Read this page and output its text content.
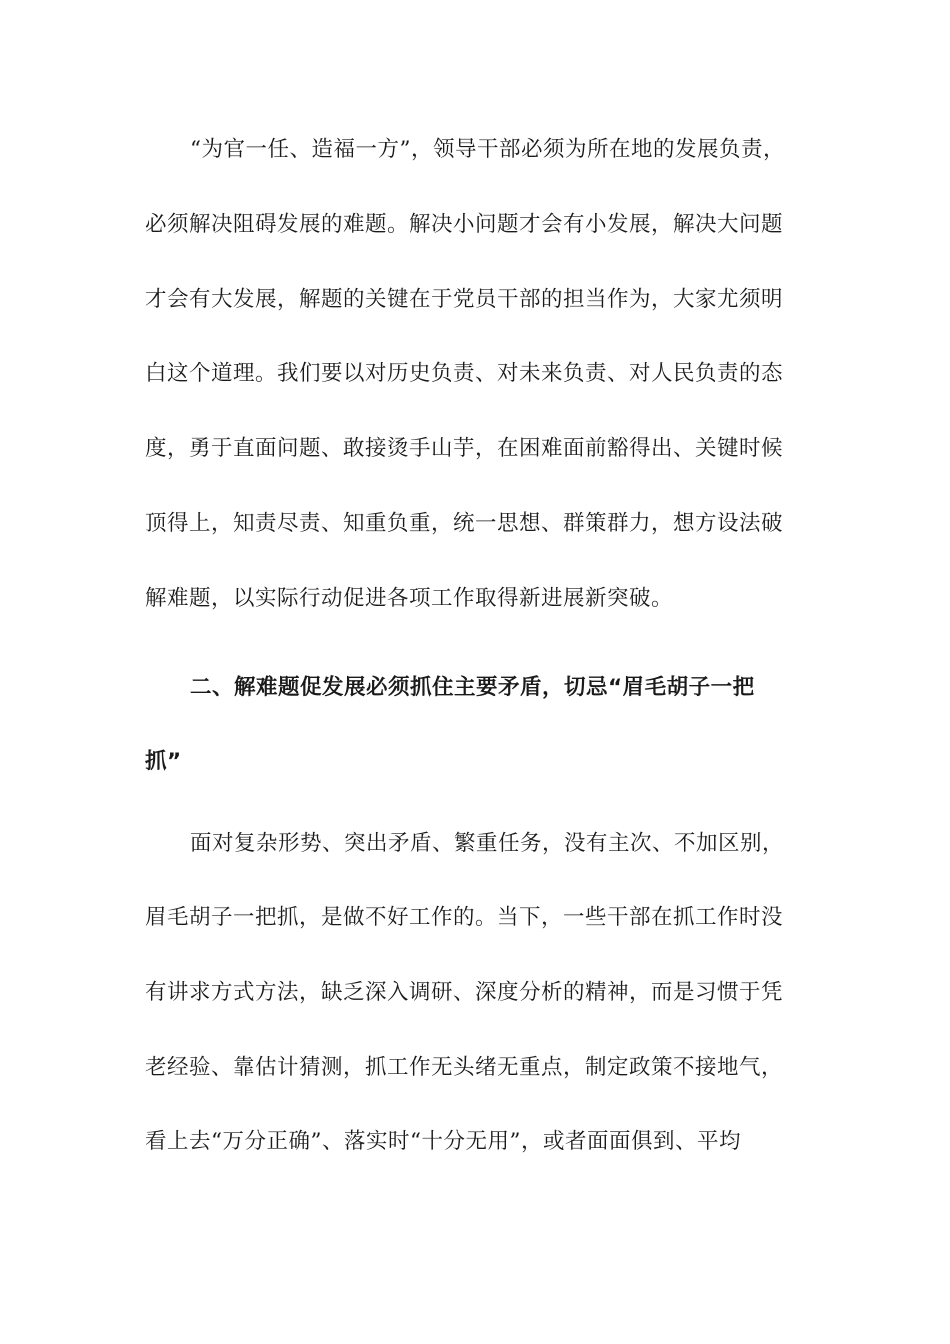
“为官一任、造福一方”，领导干部必须为所在地的发展负责，
必须解决阻碍发展的难题。解决小问题才会有小发展，解决大问题
才会有大发展，解题的关键在于党员干部的担当作为，大家尤须明
白这个道理。我们要以对历史负责、对未来负责、对人民负责的态
度，勇于直面问题、敢接烫手山芋，在困难面前豁得出、关键时候
顶得上，知责尽责、知重负重，统一思想、群策群力，想方设法破
解难题，以实际行动促进各项工作取得新进展新突破。
二、解难题促发展必须抓住主要矛盾，切忌“眉毛胡子一把
抓”
面对复杂形势、突出矛盾、繁重任务，没有主次、不加区别，
眉毛胡子一把抓，是做不好工作的。当下，一些干部在抓工作时没
有讲求方式方法，缺乏深入调研、深度分析的精神，而是习惯于凭
老经验、靠估计猜测，抓工作无头绪无重点，制定政策不接地气，
看上去“万分正确”、落实时“十分无用”，或者面面俱到、平均
